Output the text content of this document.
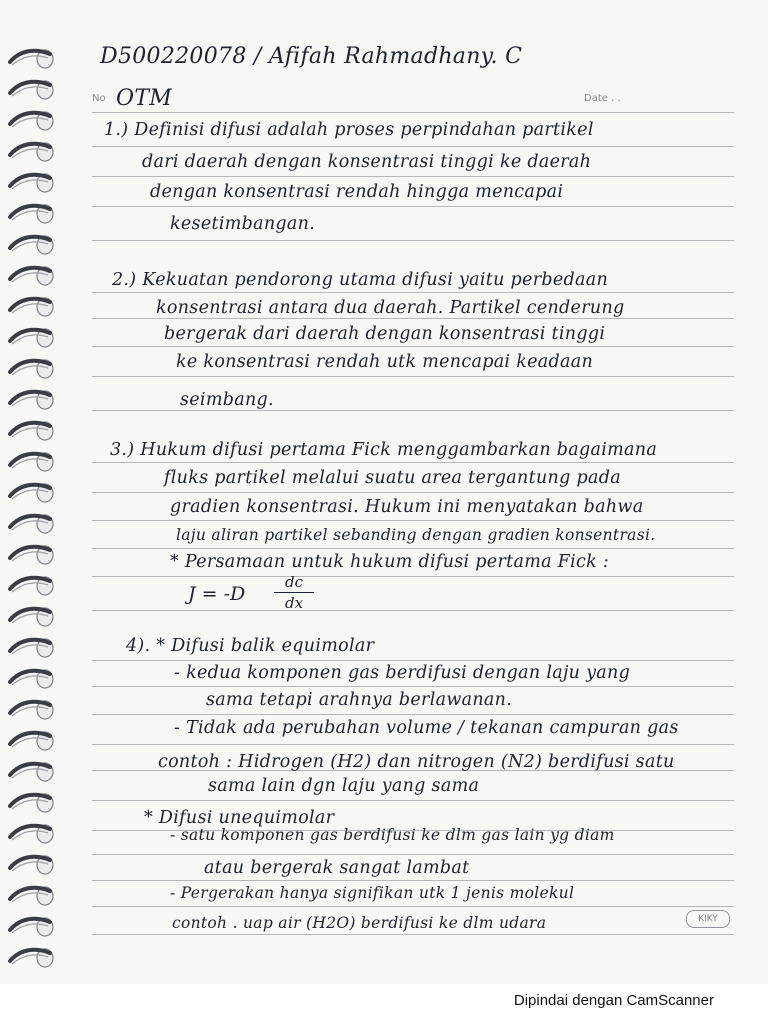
No	Date . .
D500220078 / Afifah Rahmadhany. C
OTM
1.) Definisi difusi adalah proses perpindahan partikel
dari daerah dengan konsentrasi tinggi ke daerah
dengan konsentrasi rendah hingga mencapai
kesetimbangan.
2.) Kekuatan pendorong utama difusi yaitu perbedaan
konsentrasi antara dua daerah. Partikel cenderung
bergerak dari daerah dengan konsentrasi tinggi
ke konsentrasi rendah utk mencapai keadaan
seimbang.
3.) Hukum difusi pertama Fick menggambarkan bagaimana
fluks partikel melalui suatu area tergantung pada
gradien konsentrasi. Hukum ini menyatakan bahwa
laju aliran partikel sebanding dengan gradien konsentrasi.
* Persamaan untuk hukum difusi pertama Fick :
J = -D
dc
dx
4). * Difusi balik equimolar
- kedua komponen gas berdifusi dengan laju yang
sama tetapi arahnya berlawanan.
- Tidak ada perubahan volume / tekanan campuran gas
contoh : Hidrogen (H2) dan nitrogen (N2) berdifusi satu
sama lain dgn laju yang sama
* Difusi unequimolar
- satu komponen gas berdifusi ke dlm gas lain yg diam
atau bergerak sangat lambat
- Pergerakan hanya signifikan utk 1 jenis molekul
contoh . uap air (H2O) berdifusi ke dlm udara	KIKY
Dipindai dengan CamScanner
